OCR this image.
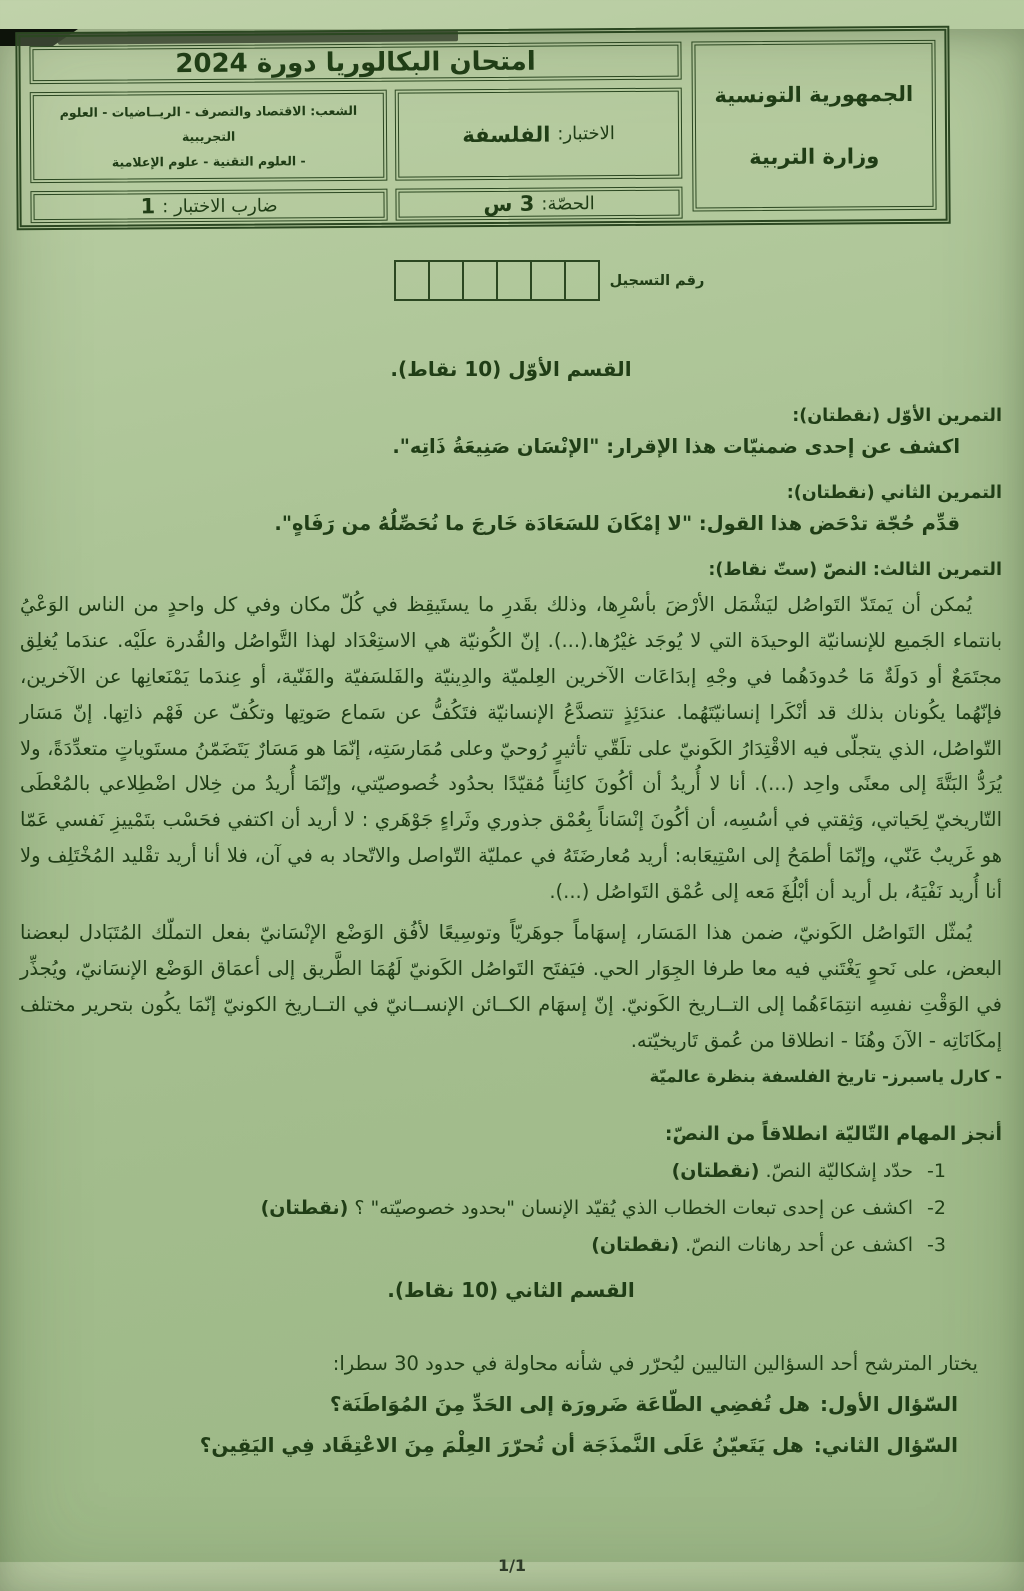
الجمهورية التونسية
وزارة التربية
امتحان البكالوريا دورة 2024
الاختبار:
الفلسفة
الشعب: الاقتصاد والتصرف - الريــاضيات - العلوم التجريبية
- العلوم التقنية - علوم الإعلامية
الحصّة:
3 س
ضارب الاختبار :
1
رقم التسجيل
القسم الأوّل (10 نقاط).
التمرين الأوّل (نقطتان):
اكشف عن إحدى ضمنيّات هذا الإقرار: "الإنْسَان صَنِيعَةُ ذَاتِه".
التمرين الثاني (نقطتان):
قدِّم حُجّة تدْحَض هذا القول: "لا إمْكَانَ للسَعَادَة خَارجَ ما نُحَصِّلُهُ من رَفَاهٍ".
التمرين الثالث: النصّ (ستّ نقاط):

يُمكن أن يَمتَدّ التَواصُل ليَشْمَل الأرْضَ بأسْرِها، وذلك بقَدرِ ما يستَيقِظ في كُلّ مكان وفي كل واحدٍ من الناس الوَعْيُ بانتماء الجَميع للإنسانيّة الوحيدَة التي لا يُوجَد غيْرُها.(...). إنّ الكُونيّة هي الاستِعْدَاد لهذا التَّواصُل والقُدرة علَيْه. عندَما يُغلِق مجتَمَعٌ أو دَولَةٌ مَا حُدودَهُما في وجْهِ إبدَاعَات الآخرين العِلميّة والدِينيّة والفَلسَفيّة والفَنّية، أو عِندَما يَمْنَعانِها عن الآخرين، فإنّهُما يكُونان بذلك قد أنْكَرا إنسانيّتَهُما. عندَئِذٍ تتصدَّعُ الإنسانيّة فتَكُفُّ عن سَماع صَوتِها وتكُفّ عن فَهْم ذاتِها. إنّ مَسَار التّواصُل، الذي يتجلّى فيه الاقْتِدَارُ الكَونيّ على تلَقّي تأثيرٍ رُوحيّ وعلى مُمَارسَتِه، إنّمَا هو مَسَارٌ يَتَضَمّنُ مستَوياتٍ متعدِّدَةً، ولا يُرَدُّ البَتَّةَ إلى معنًى واحِد (...). أنا لا أُريدُ أن أكُونَ كائِناً مُقيّدًا بحدُود خُصوصيّتي، وإنّمَا أُريدُ من خِلال اضْطِلاعي بالمُعْطَى التّاريخيّ لِحَياتي، وَثِقتي في أسُسِه، أن أكُونَ إنْسَاناً بِعُمْق جذوري وثَراءٍ جَوْهَري : لا أريد أن اكتفي فحَسْب بتَمْييزِ نَفسي عَمّا هو غَريبٌ عَنّي، وإنّمَا أطمَحُ إلى اسْتِيعَابه: أريد مُعارضَتَهُ في عمليّة التّواصل والاتّحاد به في آن، فلا أنا أريد تقْليد المُخْتَلِف ولا أنا أُريد نَفْيَهُ، بل أريد أن أبْلُغَ مَعه إلى عُمْق التَواصُل (...).

يُمثّل التَواصُل الكَونيّ، ضمن هذا المَسَار، إسهَاماً جوهَريّاً وتوسِيعًا لأفُق الوَضْع الإنْسَانيّ بفعل التملّك المُتَبَادل لبعضنا البعض، على نَحوٍ يَغْتَني فيه معا طرفا الجِوَار الحي. فيَفتَح التَواصُل الكَونيّ لَهُمَا الطَّريق إلى أعمَاق الوَضْع الإنسَانيّ، ويُجذِّر في الوَقْتِ نفسِه انتِمَاءَهُما إلى التــاريخ الكَونيّ. إنّ إسهَام الكــائن الإنســانيّ في التــاريخ الكونيّ إنّمَا يكُون بتحرير مختلف إمكَانَاتِه - الآنَ وهُنَا - انطلاقا من عُمق تَاريخيّته.

- كارل ياسبرز- تاريخ الفلسفة بنظرة عالميّة
أنجز المهام التّاليّة انطلاقاً من النصّ:
1-حدّد إشكاليّة النصّ. (نقطتان)
2-اكشف عن إحدى تبعات الخطاب الذي يُقيّد الإنسان "بحدود خصوصيّته" ؟ (نقطتان)
3-اكشف عن أحد رهانات النصّ. (نقطتان)
القسم الثاني (10 نقاط).
يختار المترشح أحد السؤالين التاليين ليُحرّر في شأنه محاولة في حدود 30 سطرا:
السّؤال الأول:هل تُفضِي الطّاعَة ضَرورَة إلى الحَدِّ مِنَ المُوَاطَنَة؟
السّؤال الثاني:هل يَتَعيّنُ عَلَى النَّمذَجَة أن تُحرّرَ العِلْمَ مِنَ الاعْتِقَاد فِي اليَقِين؟
1/1
